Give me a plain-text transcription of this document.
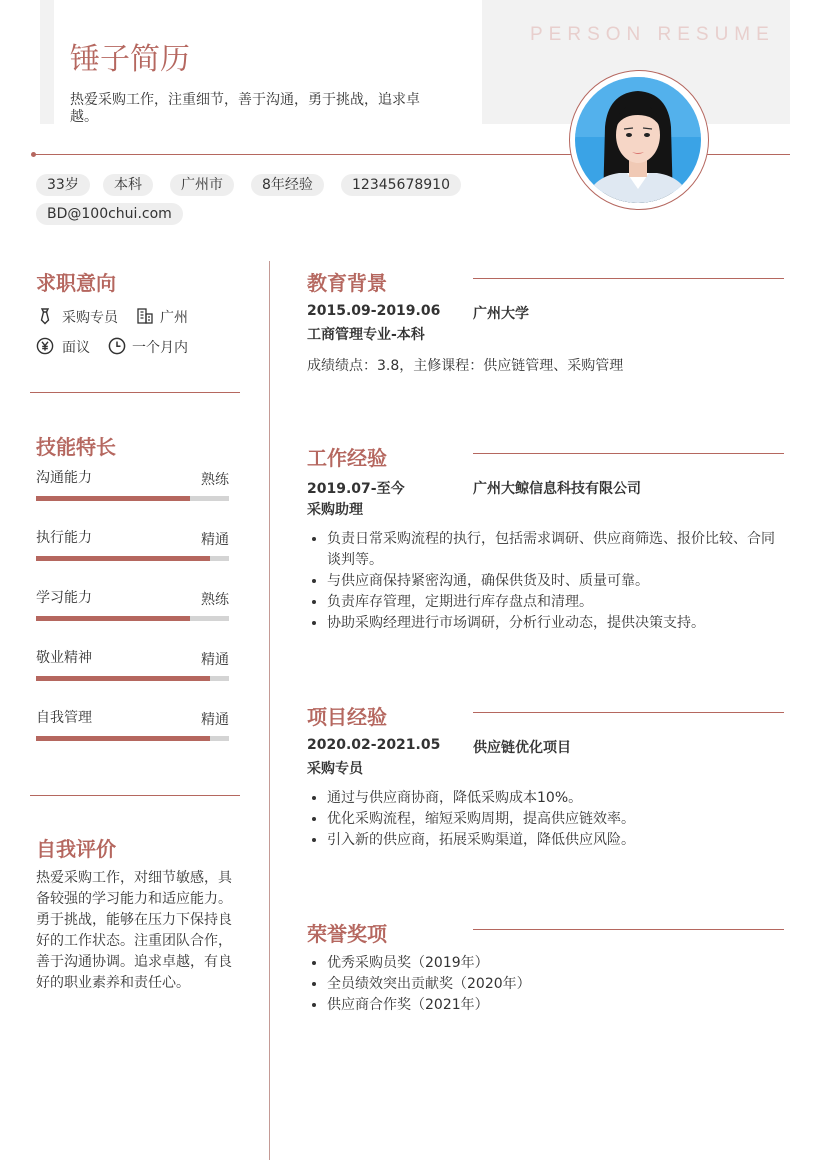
PERSON RESUME
锤子简历
热爱采购工作，注重细节，善于沟通，勇于挑战，追求卓越。
33岁	本科	广州市	8年经验	12345678910
BD@100chui.com
求职意向
采购专员	广州
面议	一个月内
技能特长
沟通能力	熟练
执行能力	精通
学习能力	熟练
敬业精神	精通
自我管理	精通
自我评价
热爱采购工作，对细节敏感，具备较强的学习能力和适应能力。勇于挑战，能够在压力下保持良好的工作状态。注重团队合作，善于沟通协调。追求卓越，有良好的职业素养和责任心。
教育背景
2015.09-2019.06 广州大学
工商管理专业-本科
成绩绩点：3.8，主修课程：供应链管理、采购管理
工作经验
2019.07-至今	广州大鲸信息科技有限公司
采购助理
• 负责日常采购流程的执行，包括需求调研、供应商筛选、报价比较、合同谈判等。
• 与供应商保持紧密沟通，确保供货及时、质量可靠。
• 负责库存管理，定期进行库存盘点和清理。
• 协助采购经理进行市场调研，分析行业动态，提供决策支持。
项目经验
2020.02-2021.05 供应链优化项目
采购专员
• 通过与供应商协商，降低采购成本10%。
• 优化采购流程，缩短采购周期，提高供应链效率。
• 引入新的供应商，拓展采购渠道，降低供应风险。
荣誉奖项
• 优秀采购员奖（2019年）
• 全员绩效突出贡献奖（2020年）
• 供应商合作奖（2021年）
